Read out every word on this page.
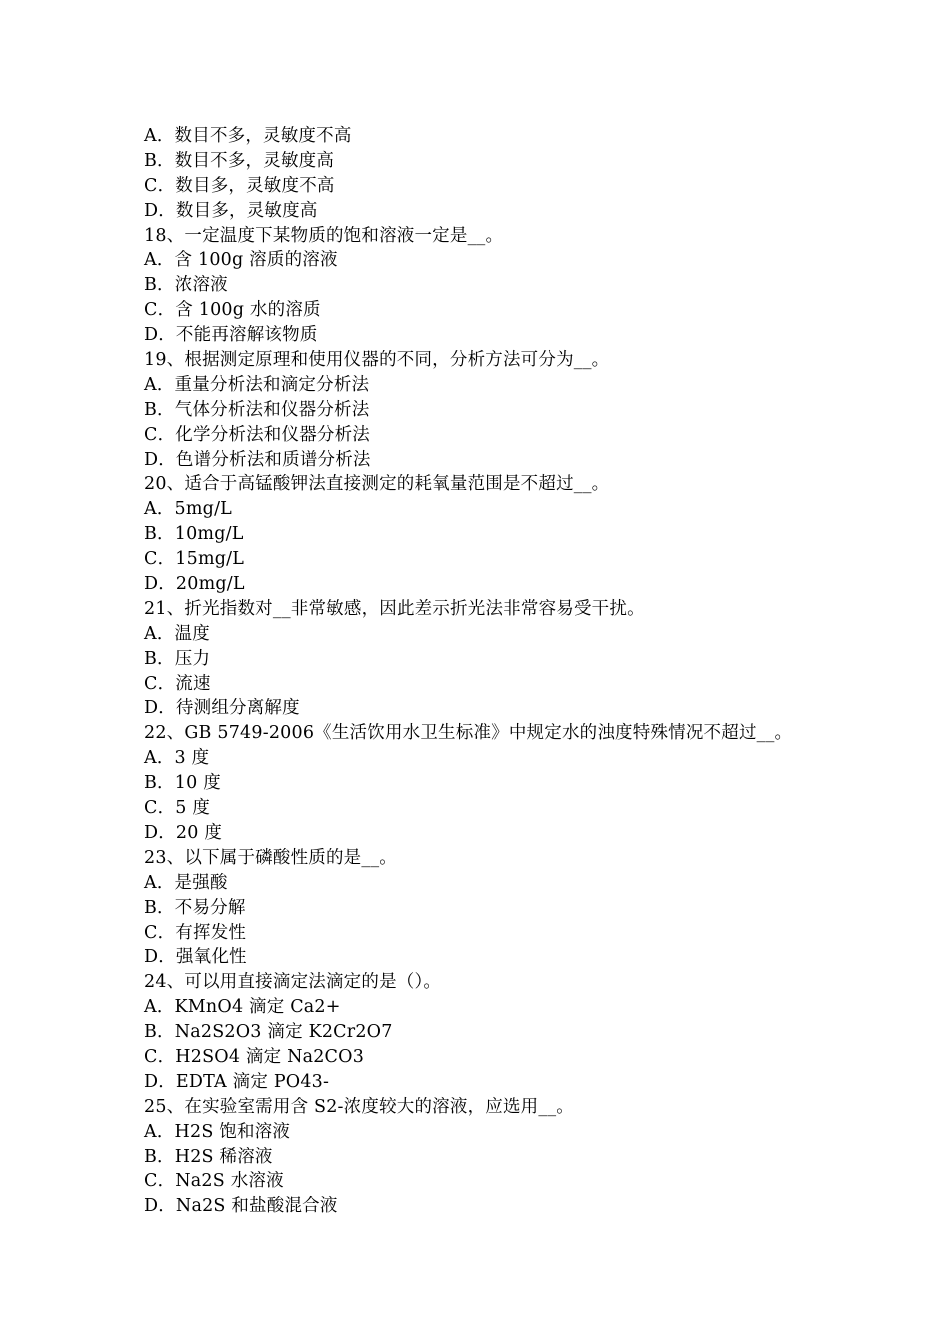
A．数目不多，灵敏度不高
B．数目不多，灵敏度高
C．数目多，灵敏度不高
D．数目多，灵敏度高
18、一定温度下某物质的饱和溶液一定是__。
A．含 100g 溶质的溶液
B．浓溶液
C．含 100g 水的溶质
D．不能再溶解该物质
19、根据测定原理和使用仪器的不同，分析方法可分为__。
A．重量分析法和滴定分析法
B．气体分析法和仪器分析法
C．化学分析法和仪器分析法
D．色谱分析法和质谱分析法
20、适合于高锰酸钾法直接测定的耗氧量范围是不超过__。
A．5mg/L
B．10mg/L
C．15mg/L
D．20mg/L
21、折光指数对__非常敏感，因此差示折光法非常容易受干扰。
A．温度
B．压力
C．流速
D．待测组分离解度
22、GB 5749-2006《生活饮用水卫生标准》中规定水的浊度特殊情况不超过__。
A．3 度
B．10 度
C．5 度
D．20 度
23、以下属于磷酸性质的是__。
A．是强酸
B．不易分解
C．有挥发性
D．强氧化性
24、可以用直接滴定法滴定的是（）。
A．KMnO4 滴定 Ca2+
B．Na2S2O3 滴定 K2Cr2O7
C．H2SO4 滴定 Na2CO3
D．EDTA 滴定 PO43-
25、在实验室需用含 S2-浓度较大的溶液，应选用__。
A．H2S 饱和溶液
B．H2S 稀溶液
C．Na2S 水溶液
D．Na2S 和盐酸混合液
